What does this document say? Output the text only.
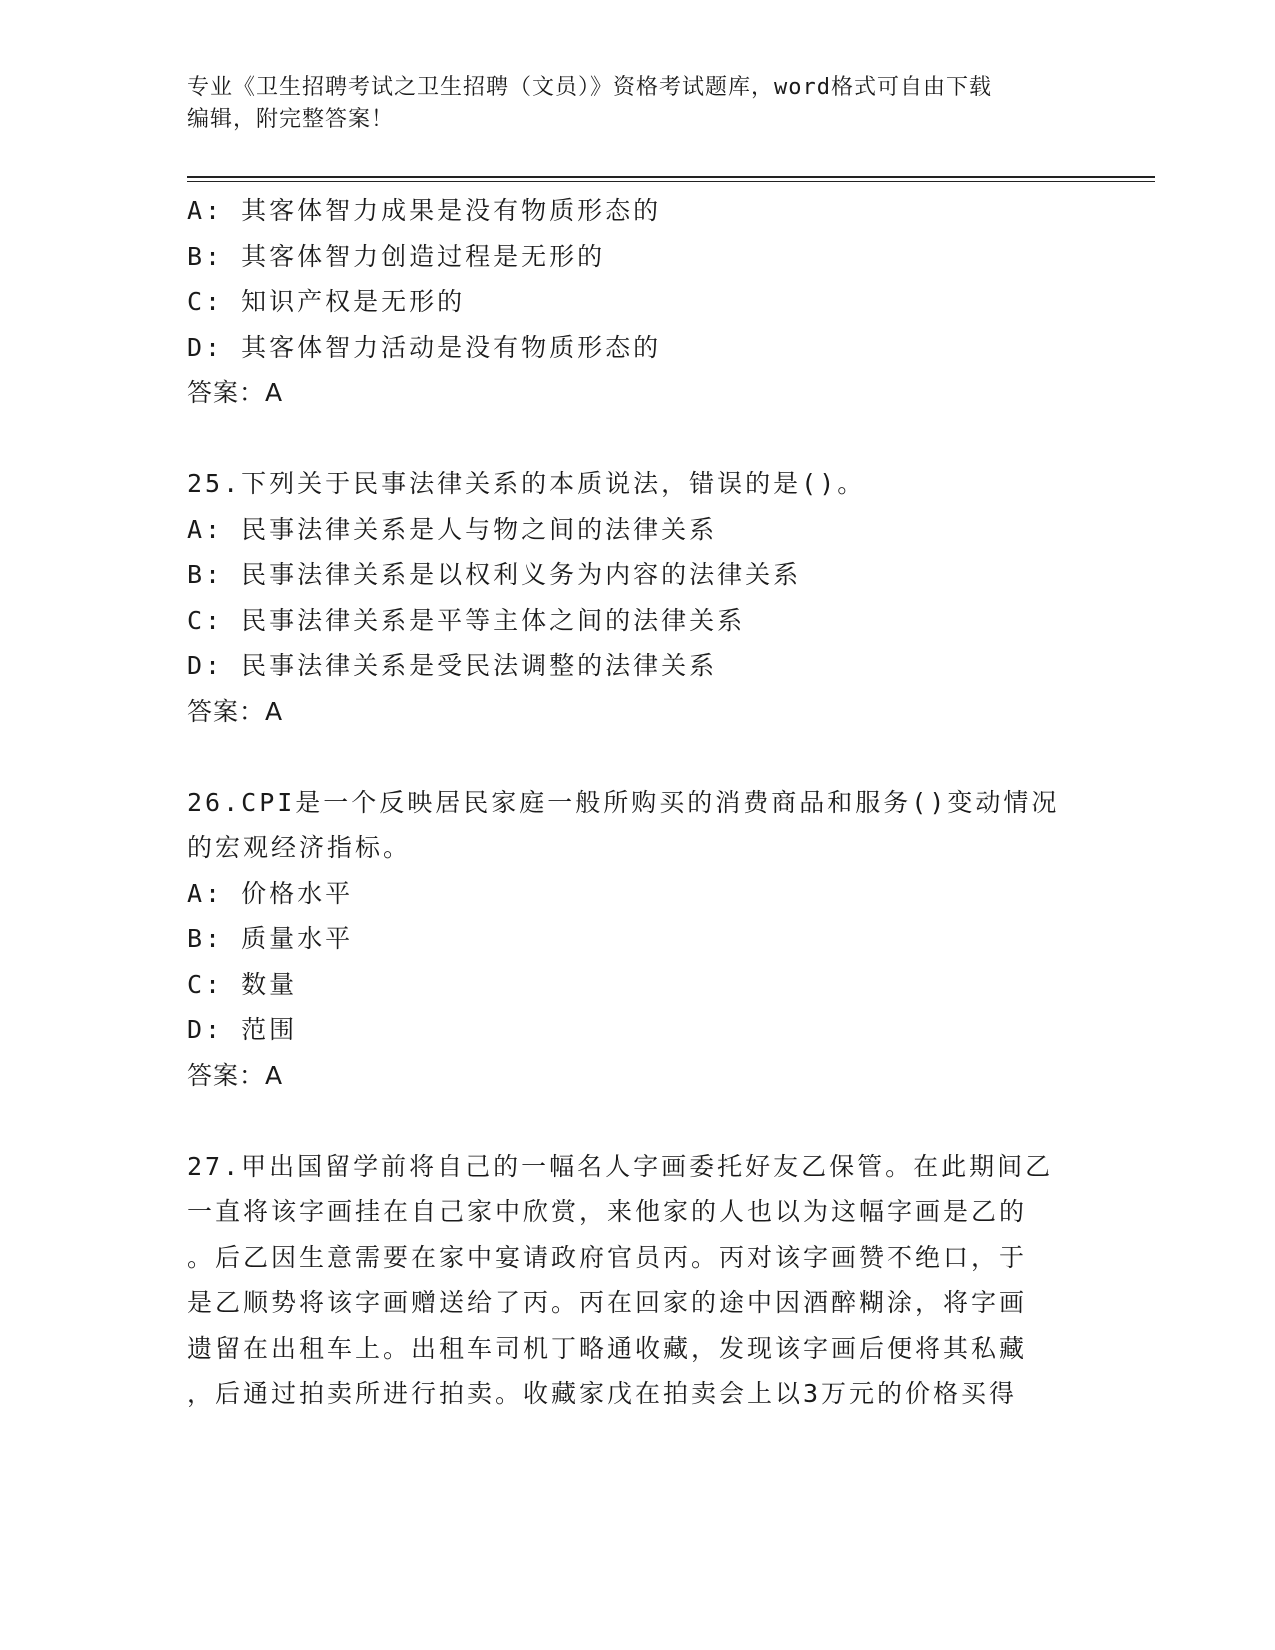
专业《卫生招聘考试之卫生招聘（文员）》资格考试题库，word格式可自由下载
编辑，附完整答案！
A: 其客体智力成果是没有物质形态的
B: 其客体智力创造过程是无形的
C: 知识产权是无形的
D: 其客体智力活动是没有物质形态的
答案：A
25.下列关于民事法律关系的本质说法，错误的是()。
A: 民事法律关系是人与物之间的法律关系
B: 民事法律关系是以权利义务为内容的法律关系
C: 民事法律关系是平等主体之间的法律关系
D: 民事法律关系是受民法调整的法律关系
答案：A
26.CPI是一个反映居民家庭一般所购买的消费商品和服务()变动情况
的宏观经济指标。
A: 价格水平
B: 质量水平
C: 数量
D: 范围
答案：A
27.甲出国留学前将自己的一幅名人字画委托好友乙保管。在此期间乙
一直将该字画挂在自己家中欣赏，来他家的人也以为这幅字画是乙的
。后乙因生意需要在家中宴请政府官员丙。丙对该字画赞不绝口，于
是乙顺势将该字画赠送给了丙。丙在回家的途中因酒醉糊涂，将字画
遗留在出租车上。出租车司机丁略通收藏，发现该字画后便将其私藏
，后通过拍卖所进行拍卖。收藏家戊在拍卖会上以3万元的价格买得
